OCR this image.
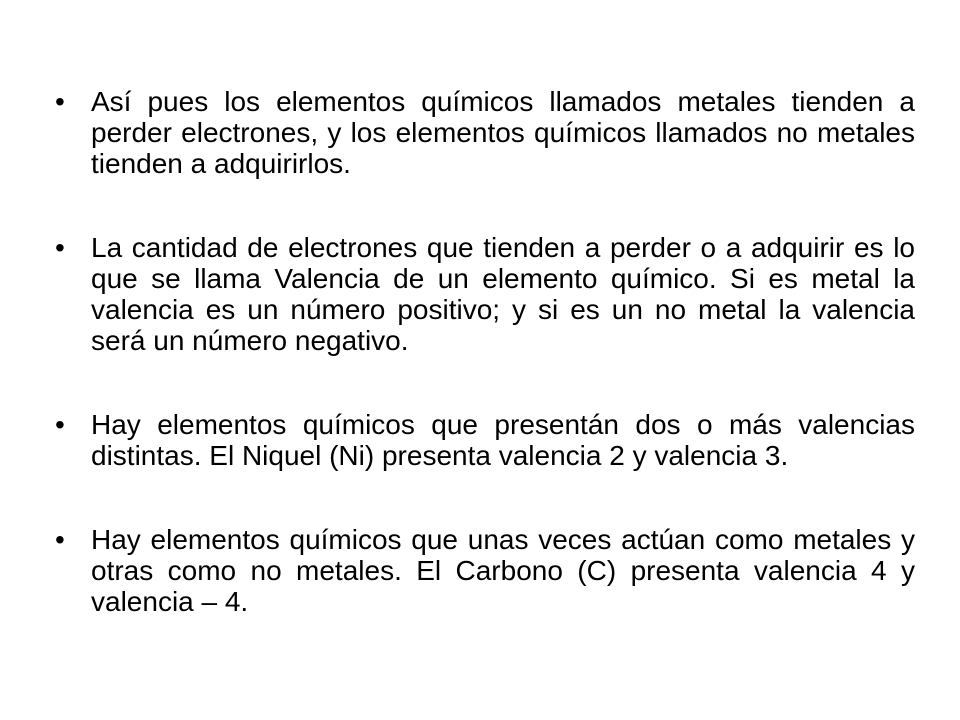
• Así pues los elementos químicos llamados metales tienden a perder electrones, y los elementos químicos llamados no metales tienden a adquirirlos.
• La cantidad de electrones que tienden a perder o a adquirir es lo que se llama Valencia de un elemento químico. Si es metal la valencia es un número positivo; y si es un no metal la valencia será un número negativo.
• Hay elementos químicos que presentán dos o más valencias distintas. El Niquel (Ni) presenta valencia 2 y valencia 3.
• Hay elementos químicos que unas veces actúan como metales y otras como no metales. El Carbono (C) presenta valencia 4 y valencia – 4.
